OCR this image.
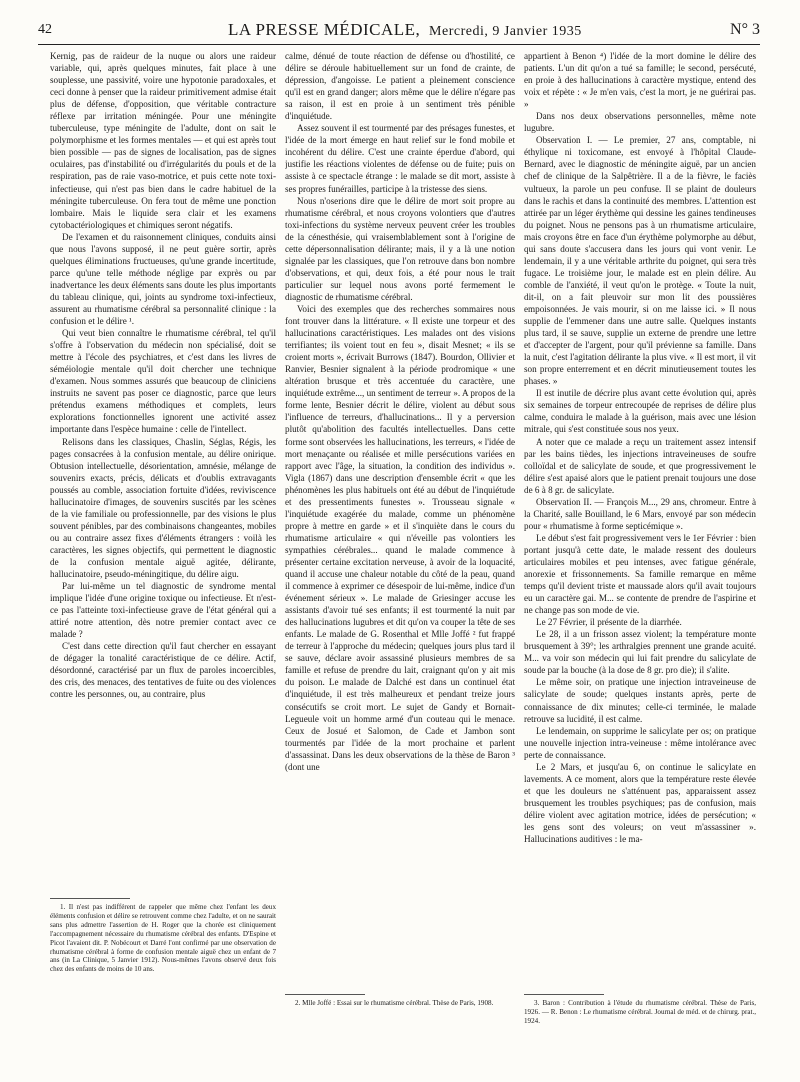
42	LA PRESSE MÉDICALE, Mercredi, 9 Janvier 1935	N° 3

Kernig, pas de raideur de la nuque ou alors une raideur variable, qui, après quelques minutes, fait place à une souplesse, une passivité, voire une hypotonie paradoxales, et ceci donne à penser que la raideur primitivement admise était plus de défense, d'opposition, que véritable contracture réflexe par irritation méningée. Pour une méningite tuberculeuse, type méningite de l'adulte, dont on sait le polymorphisme et les formes mentales — et qui est après tout bien possible — pas de signes de localisation, pas de signes oculaires, pas d'instabilité ou d'irrégularités du pouls et de la respiration, pas de raie vaso-motrice, et puis cette note toxi-infectieuse, qui n'est pas bien dans le cadre habituel de la méningite tuberculeuse. On fera tout de même une ponction lombaire. Mais le liquide sera clair et les examens cytobactériologiques et chimiques seront négatifs.

De l'examen et du raisonnement cliniques, conduits ainsi que nous l'avons supposé, il ne peut guère sortir, après quelques éliminations fructueuses, qu'une grande incertitude, parce qu'une telle méthode néglige par exprès ou par inadvertance les deux éléments sans doute les plus importants du tableau clinique, qui, joints au syndrome toxi-infectieux, assurent au rhumatisme cérébral sa personnalité clinique : la confusion et le délire ¹.

Qui veut bien connaître le rhumatisme cérébral, tel qu'il s'offre à l'observation du médecin non spécialisé, doit se mettre à l'école des psychiatres, et c'est dans les livres de séméiologie mentale qu'il doit chercher une technique d'examen. Nous sommes assurés que beaucoup de cliniciens instruits ne savent pas poser ce diagnostic, parce que leurs prétendus examens méthodiques et complets, leurs explorations fonctionnelles ignorent une activité assez importante dans l'espèce humaine : celle de l'intellect.

Relisons dans les classiques, Chaslin, Séglas, Régis, les pages consacrées à la confusion mentale, au délire onirique. Obtusion intellectuelle, désorientation, amnésie, mélange de souvenirs exacts, précis, délicats et d'oublis extravagants poussés au comble, association fortuite d'idées, reviviscence hallucinatoire d'images, de souvenirs suscités par les scènes de la vie familiale ou professionnelle, par des visions le plus souvent pénibles, par des combinaisons changeantes, mobiles ou au contraire assez fixes d'éléments étrangers : voilà les caractères, les signes objectifs, qui permettent le diagnostic de la confusion mentale aiguë agitée, délirante, hallucinatoire, pseudo-méningitique, du délire aigu.

Par lui-même un tel diagnostic de syndrome mental implique l'idée d'une origine toxique ou infectieuse. Et n'est-ce pas l'atteinte toxi-infectieuse grave de l'état général qui a attiré notre attention, dès notre premier contact avec ce malade ?

C'est dans cette direction qu'il faut chercher en essayant de dégager la tonalité caractéristique de ce délire. Actif, désordonné, caractérisé par un flux de paroles incoercibles, des cris, des menaces, des tentatives de fuite ou des violences contre les personnes, ou, au contraire, plus

1. Il n'est pas indifférent de rappeler que même chez l'enfant les deux éléments confusion et délire se retrouvent comme chez l'adulte, et on ne saurait sans plus admettre l'assertion de H. Roger que la chorée est cliniquement l'accompagnement nécessaire du rhumatisme cérébral des enfants. D'Espine et Picot l'avaient dit. P. Nobécourt et Darré l'ont confirmé par une observation de rhumatisme cérébral à forme de confusion mentale aiguë chez un enfant de 7 ans (in La Clinique, 5 Janvier 1912). Nous-mêmes l'avons observé deux fois chez des enfants de moins de 10 ans.

calme, dénué de toute réaction de défense ou d'hostilité, ce délire se déroule habituellement sur un fond de crainte, de dépression, d'angoisse. Le patient a pleinement conscience qu'il est en grand danger; alors même que le délire n'égare pas sa raison, il est en proie à un sentiment très pénible d'inquiétude.

Assez souvent il est tourmenté par des présages funestes, et l'idée de la mort émerge en haut relief sur le fond mobile et incohérent du délire. C'est une crainte éperdue d'abord, qui justifie les réactions violentes de défense ou de fuite; puis on assiste à ce spectacle étrange : le malade se dit mort, assiste à ses propres funérailles, participe à la tristesse des siens.

Nous n'oserions dire que le délire de mort soit propre au rhumatisme cérébral, et nous croyons volontiers que d'autres toxi-infections du système nerveux peuvent créer les troubles de la cénesthésie, qui vraisemblablement sont à l'origine de cette dépersonnalisation délirante; mais, il y a là une notion signalée par les classiques, que l'on retrouve dans bon nombre d'observations, et qui, deux fois, a été pour nous le trait particulier sur lequel nous avons porté fermement le diagnostic de rhumatisme cérébral.

Voici des exemples que des recherches sommaires nous font trouver dans la littérature. « Il existe une torpeur et des hallucinations caractéristiques. Les malades ont des visions terrifiantes; ils voient tout en feu », disait Mesnet; « ils se croient morts », écrivait Burrows (1847). Bourdon, Ollivier et Ranvier, Besnier signalent à la période prodromique « une altération brusque et très accentuée du caractère, une inquiétude extrême..., un sentiment de terreur ». A propos de la forme lente, Besnier décrit le délire, violent au début sous l'influence de terreurs, d'hallucinations... Il y a perversion plutôt qu'abolition des facultés intellectuelles. Dans cette forme sont observées les hallucinations, les terreurs, « l'idée de mort menaçante ou réalisée et mille persécutions variées en rapport avec l'âge, la situation, la condition des individus ». Vigla (1867) dans une description d'ensemble écrit « que les phénomènes les plus habituels ont été au début de l'inquiétude et des pressentiments funestes ». Trousseau signale « l'inquiétude exagérée du malade, comme un phénomène propre à mettre en garde » et il s'inquiète dans le cours du rhumatisme articulaire « qui n'éveille pas volontiers les sympathies cérébrales... quand le malade commence à présenter certaine excitation nerveuse, à avoir de la loquacité, quand il accuse une chaleur notable du côté de la peau, quand il commence à exprimer ce désespoir de lui-même, indice d'un événement sérieux ». Le malade de Griesinger accuse les assistants d'avoir tué ses enfants; il est tourmenté la nuit par des hallucinations lugubres et dit qu'on va couper la tête de ses enfants. Le malade de G. Rosenthal et Mlle Joffé ² fut frappé de terreur à l'approche du médecin; quelques jours plus tard il se sauve, déclare avoir assassiné plusieurs membres de sa famille et refuse de prendre du lait, craignant qu'on y ait mis du poison. Le malade de Dalché est dans un continuel état d'inquiétude, il est très malheureux et pendant treize jours consécutifs se croit mort. Le sujet de Gandy et Bornait-Legueule voit un homme armé d'un couteau qui le menace. Ceux de Josué et Salomon, de Cade et Jambon sont tourmentés par l'idée de la mort prochaine et parlent d'assassinat. Dans les deux observations de la thèse de Baron ³ (dont une

2. Mlle Joffé : Essai sur le rhumatisme cérébral. Thèse de Paris, 1908.

appartient à Benon ⁴) l'idée de la mort domine le délire des patients. L'un dit qu'on a tué sa famille; le second, persécuté, en proie à des hallucinations à caractère mystique, entend des voix et répète : « Je m'en vais, c'est la mort, je ne guérirai pas. »

Dans nos deux observations personnelles, même note lugubre.

Observation I. — Le premier, 27 ans, comptable, ni éthylique ni toxicomane, est envoyé à l'hôpital Claude-Bernard, avec le diagnostic de méningite aiguë, par un ancien chef de clinique de la Salpêtrière. Il a de la fièvre, le faciès vultueux, la parole un peu confuse. Il se plaint de douleurs dans le rachis et dans la continuité des membres. L'attention est attirée par un léger érythème qui dessine les gaines tendineuses du poignet. Nous ne pensons pas à un rhumatisme articulaire, mais croyons être en face d'un érythème polymorphe au début, qui sans doute s'accusera dans les jours qui vont venir. Le lendemain, il y a une véritable arthrite du poignet, qui sera très fugace. Le troisième jour, le malade est en plein délire. Au comble de l'anxiété, il veut qu'on le protège. « Toute la nuit, dit-il, on a fait pleuvoir sur mon lit des poussières empoisonnées. Je vais mourir, si on me laisse ici. » Il nous supplie de l'emmener dans une autre salle. Quelques instants plus tard, il se sauve, supplie un externe de prendre une lettre et d'accepter de l'argent, pour qu'il prévienne sa famille. Dans la nuit, c'est l'agitation délirante la plus vive. « Il est mort, il vit son propre enterrement et en décrit minutieusement toutes les phases. »

Il est inutile de décrire plus avant cette évolution qui, après six semaines de torpeur entrecoupée de reprises de délire plus calme, conduira le malade à la guérison, mais avec une lésion mitrale, qui s'est constituée sous nos yeux.

A noter que ce malade a reçu un traitement assez intensif par les bains tièdes, les injections intraveineuses de soufre colloïdal et de salicylate de soude, et que progressivement le délire s'est apaisé alors que le patient prenait toujours une dose de 6 à 8 gr. de salicylate.

Observation II. — François M..., 29 ans, chromeur. Entre à la Charité, salle Bouilland, le 6 Mars, envoyé par son médecin pour « rhumatisme à forme septicémique ».

Le début s'est fait progressivement vers le 1er Février : bien portant jusqu'à cette date, le malade ressent des douleurs articulaires mobiles et peu intenses, avec fatigue générale, anorexie et frissonnements. Sa famille remarque en même temps qu'il devient triste et maussade alors qu'il avait toujours eu un caractère gai. M... se contente de prendre de l'aspirine et ne change pas son mode de vie.

Le 27 Février, il présente de la diarrhée.

Le 28, il a un frisson assez violent; la température monte brusquement à 39°; les arthralgies prennent une grande acuité. M... va voir son médecin qui lui fait prendre du salicylate de soude par la bouche (à la dose de 8 gr. pro die); il s'alite.

Le même soir, on pratique une injection intraveineuse de salicylate de soude; quelques instants après, perte de connaissance de dix minutes; celle-ci terminée, le malade retrouve sa lucidité, il est calme.

Le lendemain, on supprime le salicylate per os; on pratique une nouvelle injection intra-veineuse : même intolérance avec perte de connaissance.

Le 2 Mars, et jusqu'au 6, on continue le salicylate en lavements. A ce moment, alors que la température reste élevée et que les douleurs ne s'atténuent pas, apparaissent assez brusquement les troubles psychiques; pas de confusion, mais délire violent avec agitation motrice, idées de persécution; « les gens sont des voleurs; on veut m'assassiner ». Hallucinations auditives : le ma-

3. Baron : Contribution à l'étude du rhumatisme cérébral. Thèse de Paris, 1926. — R. Benon : Le rhumatisme cérébral. Journal de méd. et de chirurg. prat., 1924.
